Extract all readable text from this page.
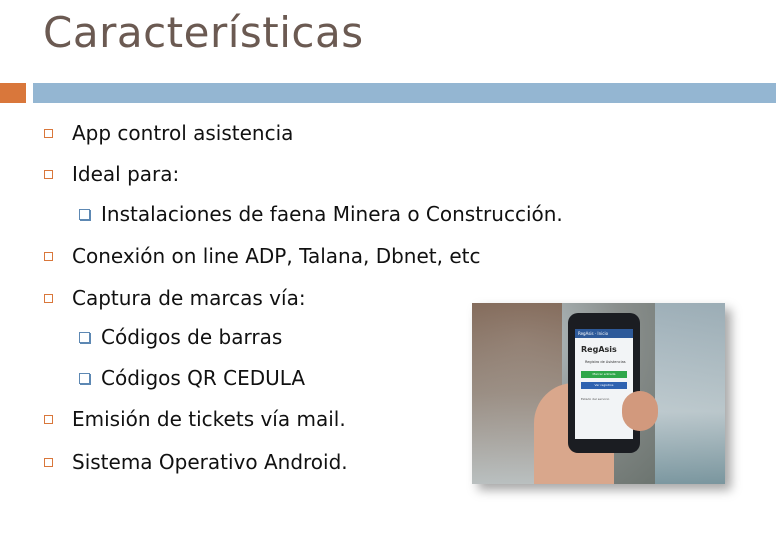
Características
App control asistencia
Ideal para:
Instalaciones de faena Minera o Construcción.
Conexión on line ADP, Talana, Dbnet, etc
Captura de marcas vía:
Códigos de barras
Códigos QR CEDULA
Emisión de tickets vía mail.
Sistema Operativo Android.
RegAsis · Inicio
RegAsis
Registro de Asistencias
Marcar entrada
Ver registros
Estado del servicio
